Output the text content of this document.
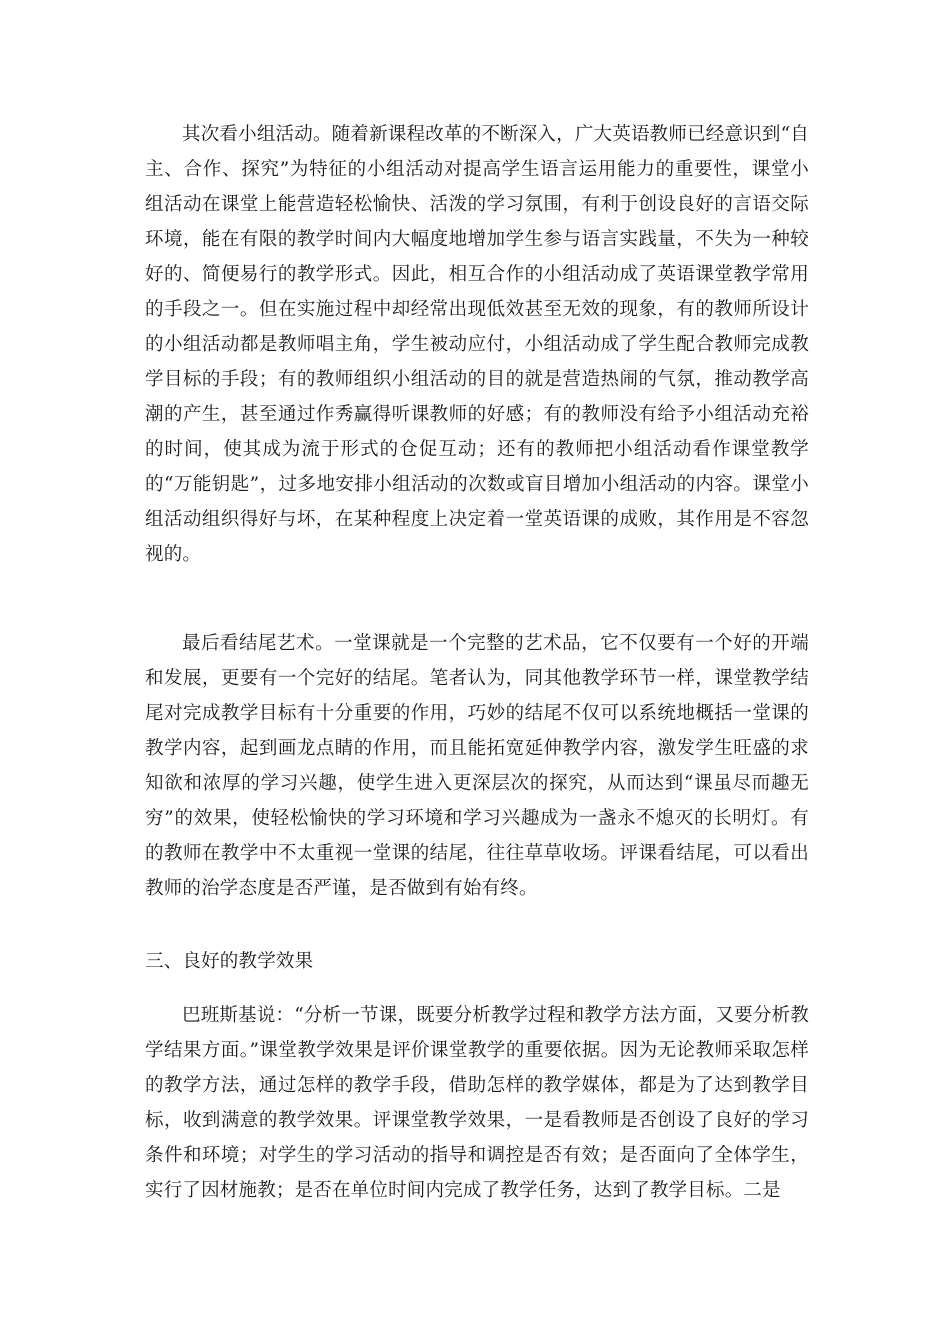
其次看小组活动。随着新课程改革的不断深入，广大英语教师已经意识到“自主、合作、探究”为特征的小组活动对提高学生语言运用能力的重要性，课堂小组活动在课堂上能营造轻松愉快、活泼的学习氛围，有利于创设良好的言语交际环境，能在有限的教学时间内大幅度地增加学生参与语言实践量，不失为一种较好的、简便易行的教学形式。因此，相互合作的小组活动成了英语课堂教学常用的手段之一。但在实施过程中却经常出现低效甚至无效的现象，有的教师所设计的小组活动都是教师唱主角，学生被动应付，小组活动成了学生配合教师完成教学目标的手段；有的教师组织小组活动的目的就是营造热闹的气氛，推动教学高潮的产生，甚至通过作秀赢得听课教师的好感；有的教师没有给予小组活动充裕的时间，使其成为流于形式的仓促互动；还有的教师把小组活动看作课堂教学的“万能钥匙”，过多地安排小组活动的次数或盲目增加小组活动的内容。课堂小组活动组织得好与坏，在某种程度上决定着一堂英语课的成败，其作用是不容忽视的。

最后看结尾艺术。一堂课就是一个完整的艺术品，它不仅要有一个好的开端和发展，更要有一个完好的结尾。笔者认为，同其他教学环节一样，课堂教学结尾对完成教学目标有十分重要的作用，巧妙的结尾不仅可以系统地概括一堂课的教学内容，起到画龙点睛的作用，而且能拓宽延伸教学内容，激发学生旺盛的求知欲和浓厚的学习兴趣，使学生进入更深层次的探究，从而达到“课虽尽而趣无穷”的效果，使轻松愉快的学习环境和学习兴趣成为一盏永不熄灭的长明灯。有的教师在教学中不太重视一堂课的结尾，往往草草收场。评课看结尾，可以看出教师的治学态度是否严谨，是否做到有始有终。

三、良好的教学效果

巴班斯基说：“分析一节课，既要分析教学过程和教学方法方面，又要分析教学结果方面。”课堂教学效果是评价课堂教学的重要依据。因为无论教师采取怎样的教学方法，通过怎样的教学手段，借助怎样的教学媒体，都是为了达到教学目标，收到满意的教学效果。评课堂教学效果，一是看教师是否创设了良好的学习条件和环境；对学生的学习活动的指导和调控是否有效；是否面向了全体学生，实行了因材施教；是否在单位时间内完成了教学任务，达到了教学目标。二是
